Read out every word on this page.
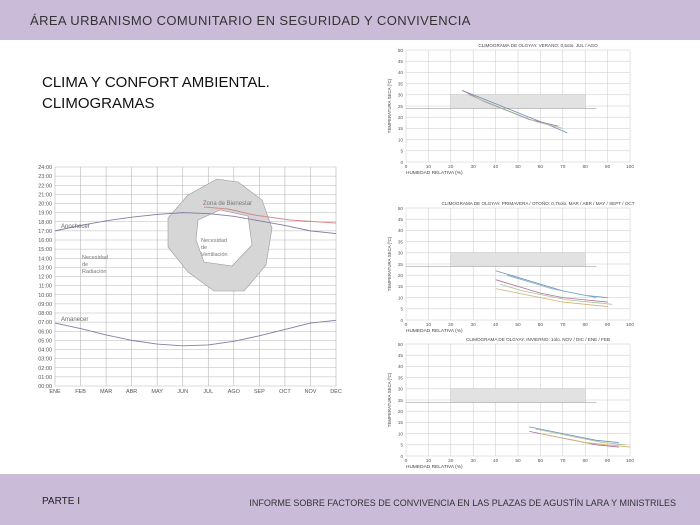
ÁREA URBANISMO COMUNITARIO EN SEGURIDAD Y CONVIVENCIA
CLIMA Y CONFORT AMBIENTAL.
CLIMOGRAMAS
00:00
01:00
02:00
03:00
04:00
05:00
06:00
07:00
08:00
09:00
10:00
11:00
12:00
13:00
14:00
15:00
16:00
17:00
18:00
19:00
20:00
21:00
22:00
23:00
24:00
ENE	FEB	MAR	ABR	MAY	JUN	JUL	AGO	SEP	OCT	NOV	DEC
Anochecer
Amanecer
Zona de Bienestar
Necesidad
de
Ventilación
Necesidad
de
Radiación
CLIMOGRAMA DE OLGYAY. VERANO: 0,5oto. JUL / AGO
0
5
10
15
20
25
30
35
40
45
50
0	10	20	30	40	50	60	70	80	90	100
HUMEDAD RELATIVA (%)
TEMPERATURA SECA (ºC)
CLIMOGRAMA DE OLGYAY. PRIMAVERA / OTOÑO: 0,7solo. MAR / ABR / MAY / SEPT / OCT
0
5
10
15
20
25
30
35
40
45
50
0	10	20	30	40	50	60	70	80	90	100
HUMEDAD RELATIVA (%)
TEMPERATURA SECA (ºC)
CLIMOGRAMA DE OLGYAY. INVIERNO: 1olo. NOV / DIC / ENE / FEB
0
5
10
15
20
25
30
35
40
45
50
0	10	20	30	40	50	60	70	80	90	100
HUMEDAD RELATIVA (%)
TEMPERATURA SECA (ºC)
PARTE I	INFORME SOBRE FACTORES DE CONVIVENCIA EN LAS PLAZAS DE AGUSTÍN LARA Y MINISTRILES
